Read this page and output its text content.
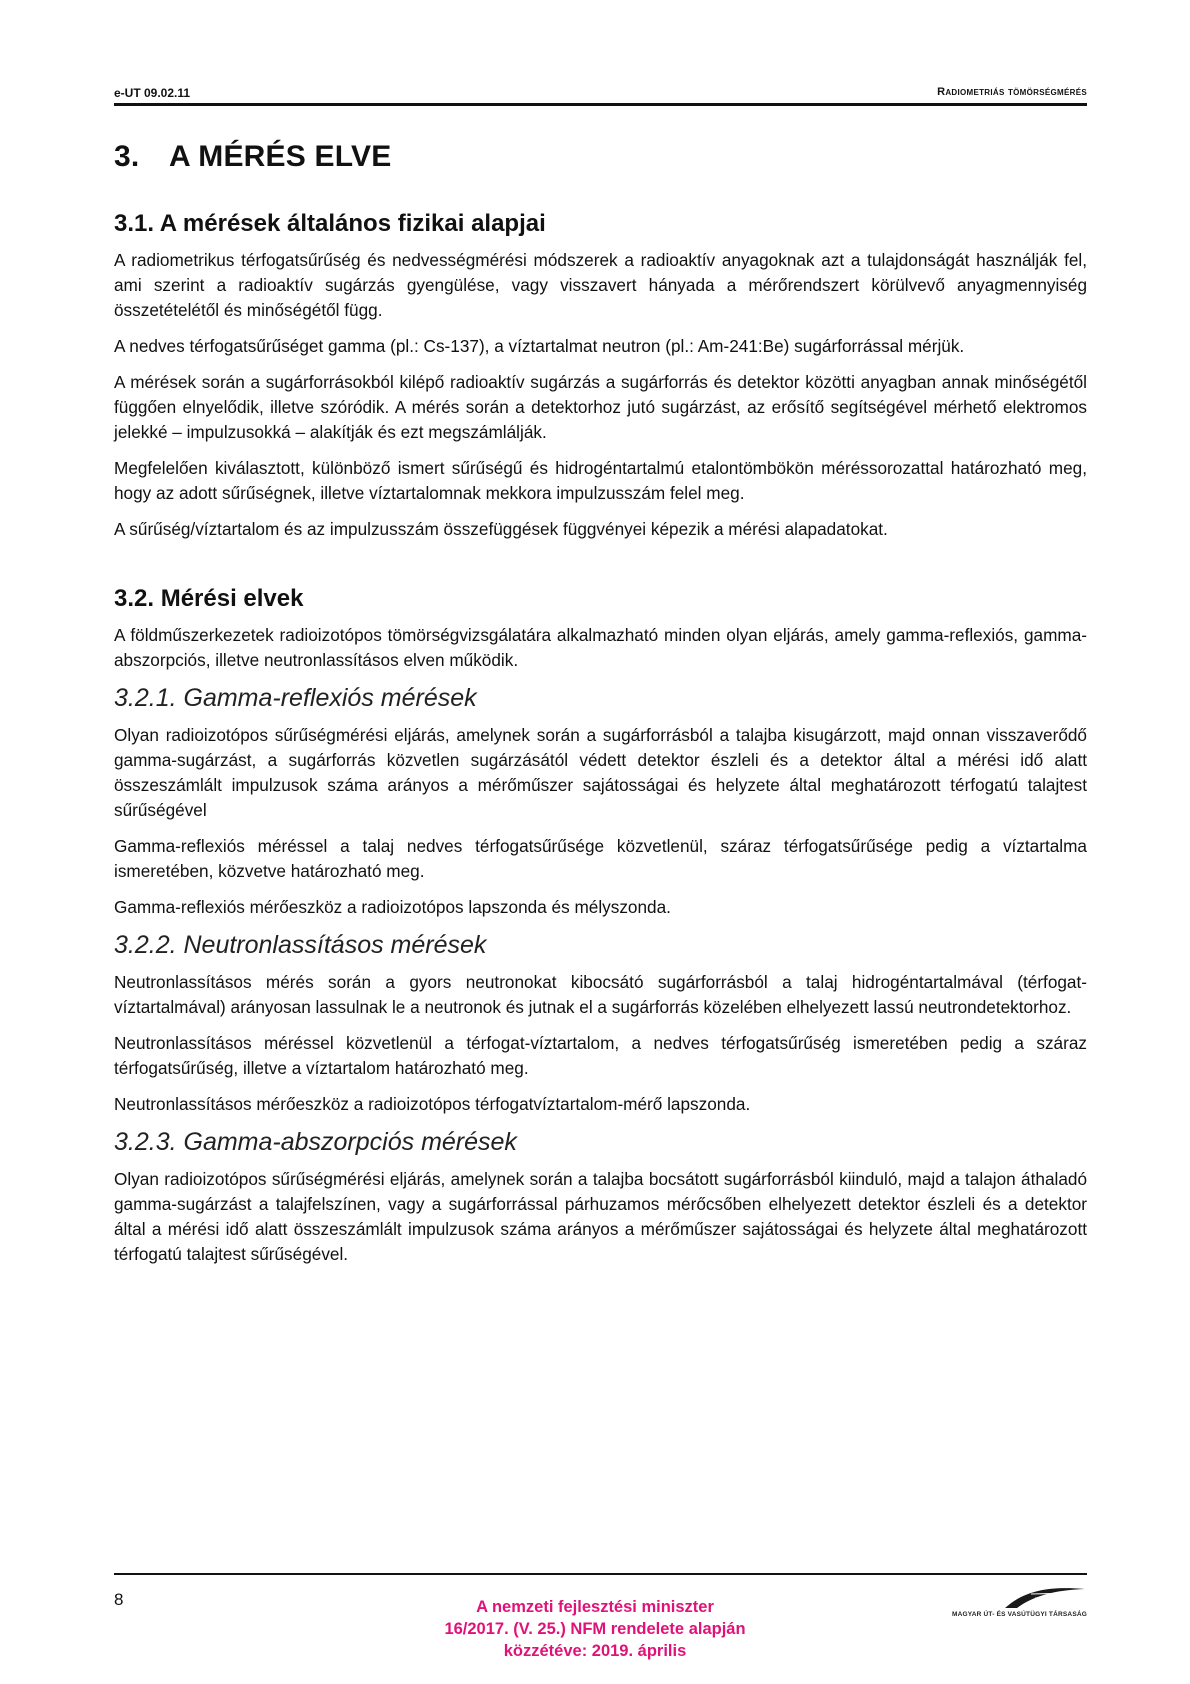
e-UT 09.02.11	Radiometriás tömörségmérés
3. A MÉRÉS ELVE
3.1. A mérések általános fizikai alapjai

A radiometrikus térfogatsűrűség és nedvességmérési módszerek a radioaktív anyagoknak azt a tulajdonságát használják fel, ami szerint a radioaktív sugárzás gyengülése, vagy visszavert hányada a mérőrendszert körülvevő anyagmennyiség összetételétől és minőségétől függ.

A nedves térfogatsűrűséget gamma (pl.: Cs-137), a víztartalmat neutron (pl.: Am-241:Be) sugárforrással mérjük.

A mérések során a sugárforrásokból kilépő radioaktív sugárzás a sugárforrás és detektor közötti anyagban annak minőségétől függően elnyelődik, illetve szóródik. A mérés során a detektorhoz jutó sugárzást, az erősítő segítségével mérhető elektromos jelekké – impulzusokká – alakítják és ezt megszámlálják.

Megfelelően kiválasztott, különböző ismert sűrűségű és hidrogéntartalmú etalontömbökön méréssorozattal határozható meg, hogy az adott sűrűségnek, illetve víztartalomnak mekkora impulzusszám felel meg.

A sűrűség/víztartalom és az impulzusszám összefüggések függvényei képezik a mérési alapadatokat.

3.2. Mérési elvek

A földműszerkezetek radioizotópos tömörségvizsgálatára alkalmazható minden olyan eljárás, amely gamma-reflexiós, gamma-abszorpciós, illetve neutronlassításos elven működik.

3.2.1. Gamma-reflexiós mérések

Olyan radioizotópos sűrűségmérési eljárás, amelynek során a sugárforrásból a talajba kisugárzott, majd onnan visszaverődő gamma-sugárzást, a sugárforrás közvetlen sugárzásától védett detektor észleli és a detektor által a mérési idő alatt összeszámlált impulzusok száma arányos a mérőműszer sajátosságai és helyzete által meghatározott térfogatú talajtest sűrűségével

Gamma-reflexiós méréssel a talaj nedves térfogatsűrűsége közvetlenül, száraz térfogatsűrűsége pedig a víztartalma ismeretében, közvetve határozható meg.

Gamma-reflexiós mérőeszköz a radioizotópos lapszonda és mélyszonda.

3.2.2. Neutronlassításos mérések

Neutronlassításos mérés során a gyors neutronokat kibocsátó sugárforrásból a talaj hidrogéntartalmával (térfogat-víztartalmával) arányosan lassulnak le a neutronok és jutnak el a sugárforrás közelében elhelyezett lassú neutrondetektorhoz.

Neutronlassításos méréssel közvetlenül a térfogat-víztartalom, a nedves térfogatsűrűség ismeretében pedig a száraz térfogatsűrűség, illetve a víztartalom határozható meg.

Neutronlassításos mérőeszköz a radioizotópos térfogatvíztartalom-mérő lapszonda.

3.2.3. Gamma-abszorpciós mérések

Olyan radioizotópos sűrűségmérési eljárás, amelynek során a talajba bocsátott sugárforrásból kiinduló, majd a talajon áthaladó gamma-sugárzást a talajfelszínen, vagy a sugárforrással párhuzamos mérőcsőben elhelyezett detektor észleli és a detektor által a mérési idő alatt összeszámlált impulzusok száma arányos a mérőműszer sajátosságai és helyzete által meghatározott térfogatú talajtest sűrűségével.

8	A nemzeti fejlesztési miniszter
16/2017. (V. 25.) NFM rendelete alapján
közzétéve: 2019. április
MAGYAR ÚT- ÉS VASÚTÜGYI TÁRSASÁG
